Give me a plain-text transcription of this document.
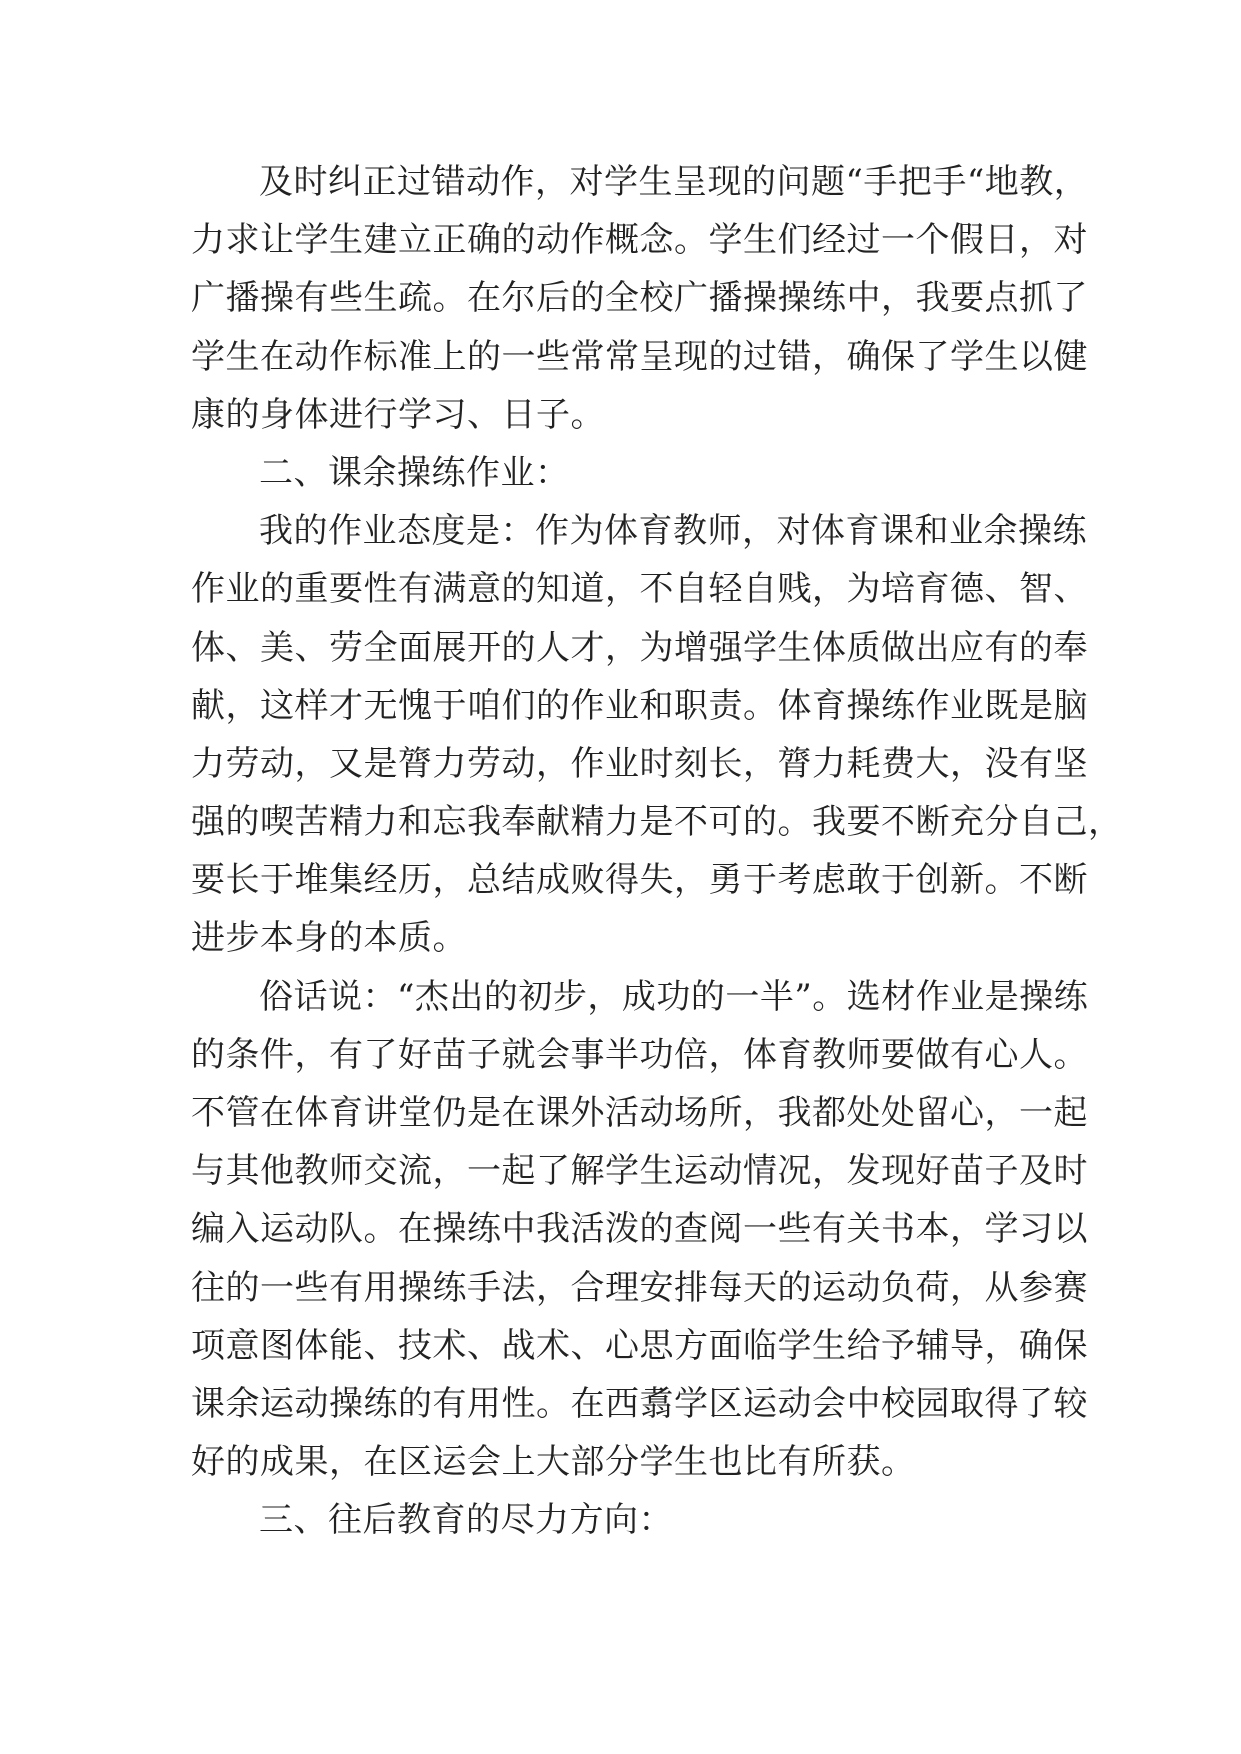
及时纠正过错动作，对学生呈现的问题“手把手“地教，
力求让学生建立正确的动作概念。学生们经过一个假日，对
广播操有些生疏。在尔后的全校广播操操练中，我要点抓了
学生在动作标准上的一些常常呈现的过错，确保了学生以健
康的身体进行学习、日子。
二、课余操练作业：
我的作业态度是：作为体育教师，对体育课和业余操练
作业的重要性有满意的知道，不自轻自贱，为培育德、智、
体、美、劳全面展开的人才，为增强学生体质做出应有的奉
献，这样才无愧于咱们的作业和职责。体育操练作业既是脑
力劳动，又是膂力劳动，作业时刻长，膂力耗费大，没有坚
强的喫苦精力和忘我奉献精力是不可的。我要不断充分自己，
要长于堆集经历，总结成败得失，勇于考虑敢于创新。不断
进步本身的本质。
俗话说：“杰出的初步，成功的一半”。选材作业是操练
的条件，有了好苗子就会事半功倍，体育教师要做有心人。
不管在体育讲堂仍是在课外活动场所，我都处处留心，一起
与其他教师交流，一起了解学生运动情况，发现好苗子及时
编入运动队。在操练中我活泼的查阅一些有关书本，学习以
往的一些有用操练手法，合理安排每天的运动负荷，从参赛
项意图体能、技术、战术、心思方面临学生给予辅导，确保
课余运动操练的有用性。在西翥学区运动会中校园取得了较
好的成果，在区运会上大部分学生也比有所获。
三、往后教育的尽力方向：
